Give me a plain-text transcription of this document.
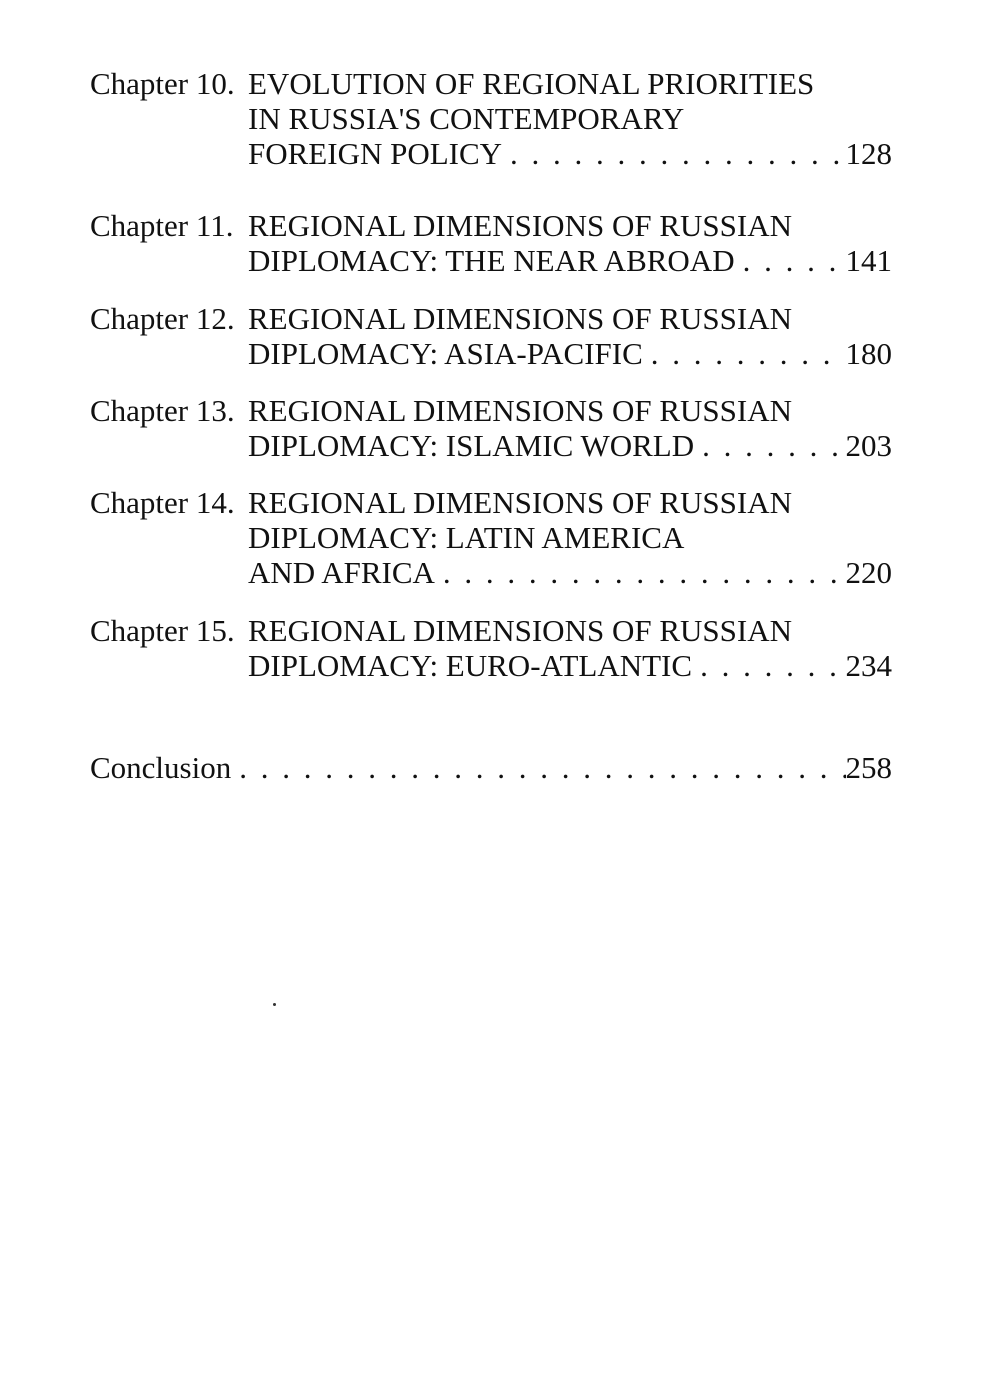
Chapter 10. EVOLUTION OF REGIONAL PRIORITIES
IN RUSSIA'S CONTEMPORARY
FOREIGN POLICY . . .	128
Chapter 11. REGIONAL DIMENSIONS OF RUSSIAN
DIPLOMACY: THE NEAR ABROAD . . .	141
Chapter 12. REGIONAL DIMENSIONS OF RUSSIAN
DIPLOMACY: ASIA-PACIFIC . . .	180
Chapter 13. REGIONAL DIMENSIONS OF RUSSIAN
DIPLOMACY: ISLAMIC WORLD . . .	203
Chapter 14. REGIONAL DIMENSIONS OF RUSSIAN
DIPLOMACY: LATIN AMERICA
AND AFRICA . . .	220
Chapter 15. REGIONAL DIMENSIONS OF RUSSIAN
DIPLOMACY: EURO-ATLANTIC . . .	234
Conclusion . . .	258
